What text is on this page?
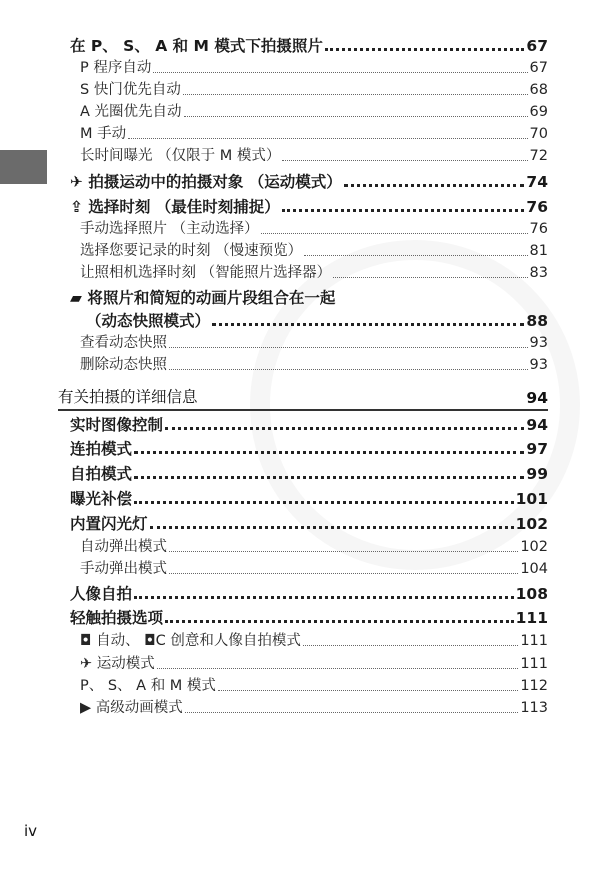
在 P、 S、 A 和 M 模式下拍摄照片	67
P 程序自动	67
S 快门优先自动	68
A 光圈优先自动	69
M 手动	70
长时间曝光 （仅限于 M 模式）	72
✈ 拍摄运动中的拍摄对象 （运动模式）	74
⇪ 选择时刻 （最佳时刻捕捉）	76
手动选择照片 （主动选择）	76
选择您要记录的时刻 （慢速预览）	81
让照相机选择时刻 （智能照片选择器）	83
▰ 将照片和简短的动画片段组合在一起
（动态快照模式）	88
查看动态快照	93
删除动态快照	93
有关拍摄的详细信息	94
实时图像控制	94
连拍模式	97
自拍模式	99
曝光补偿	101
内置闪光灯	102
自动弹出模式	102
手动弹出模式	104
人像自拍	108
轻触拍摄选项	111
◘ 自动、 ◘C 创意和人像自拍模式	111
✈ 运动模式	111
P、 S、 A 和 M 模式	112
▶ 高级动画模式	113
iv
